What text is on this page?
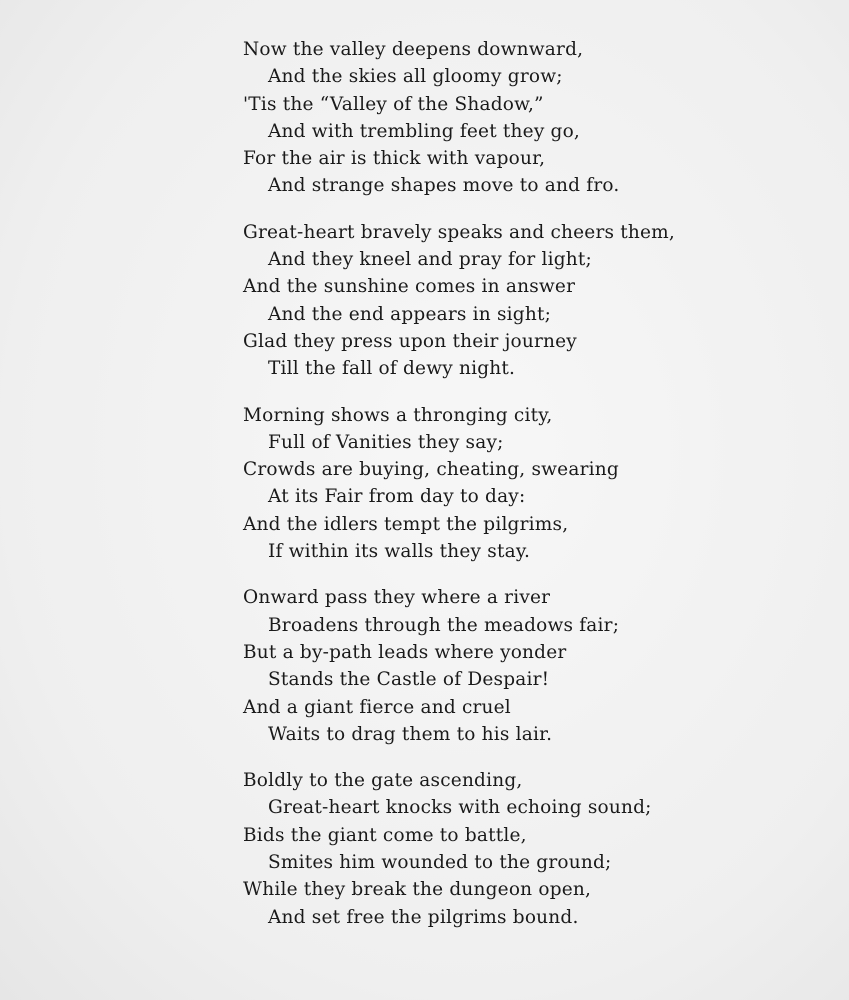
Now the valley deepens downward,
And the skies all gloomy grow;
'Tis the “Valley of the Shadow,”
And with trembling feet they go,
For the air is thick with vapour,
And strange shapes move to and fro.
Great-heart bravely speaks and cheers them,
And they kneel and pray for light;
And the sunshine comes in answer
And the end appears in sight;
Glad they press upon their journey
Till the fall of dewy night.
Morning shows a thronging city,
Full of Vanities they say;
Crowds are buying, cheating, swearing
At its Fair from day to day:
And the idlers tempt the pilgrims,
If within its walls they stay.
Onward pass they where a river
Broadens through the meadows fair;
But a by-path leads where yonder
Stands the Castle of Despair!
And a giant fierce and cruel
Waits to drag them to his lair.
Boldly to the gate ascending,
Great-heart knocks with echoing sound;
Bids the giant come to battle,
Smites him wounded to the ground;
While they break the dungeon open,
And set free the pilgrims bound.
